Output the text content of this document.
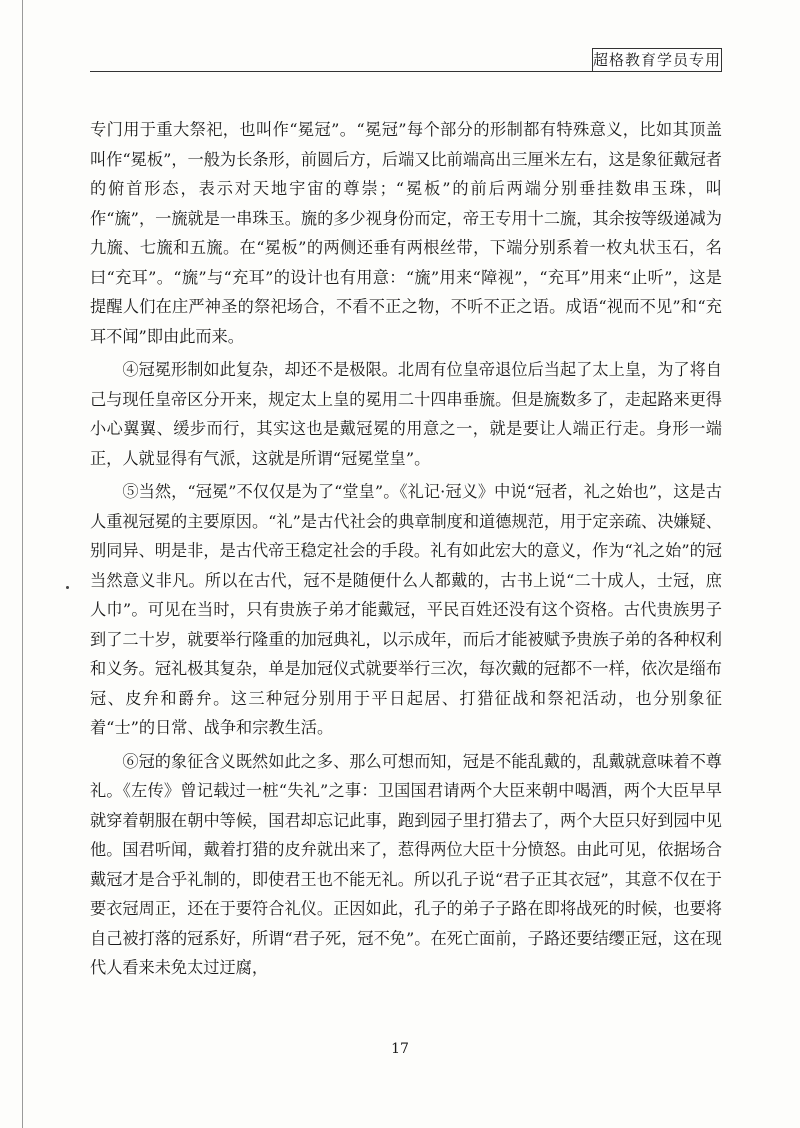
超格教育学员专用

专门用于重大祭祀，也叫作“冕冠”。“冕冠”每个部分的形制都有特殊意义，比如其顶盖叫作“冕板”，一般为长条形，前圆后方，后端又比前端高出三厘米左右，这是象征戴冠者的俯首形态，表示对天地宇宙的尊崇；“冕板”的前后两端分别垂挂数串玉珠，叫作“旒”，一旒就是一串珠玉。旒的多少视身份而定，帝王专用十二旒，其余按等级递减为九旒、七旒和五旒。在“冕板”的两侧还垂有两根丝带，下端分别系着一枚丸状玉石，名曰“充耳”。“旒”与“充耳”的设计也有用意：“旒”用来“障视”，“充耳”用来“止听”，这是提醒人们在庄严神圣的祭祀场合，不看不正之物，不听不正之语。成语“视而不见”和“充耳不闻”即由此而来。

④冠冕形制如此复杂，却还不是极限。北周有位皇帝退位后当起了太上皇，为了将自己与现任皇帝区分开来，规定太上皇的冕用二十四串垂旒。但是旒数多了，走起路来更得小心翼翼、缓步而行，其实这也是戴冠冕的用意之一，就是要让人端正行走。身形一端正，人就显得有气派，这就是所谓“冠冕堂皇”。

⑤当然，“冠冕”不仅仅是为了“堂皇”。《礼记·冠义》中说“冠者，礼之始也”，这是古人重视冠冕的主要原因。“礼”是古代社会的典章制度和道德规范，用于定亲疏、决嫌疑、别同异、明是非，是古代帝王稳定社会的手段。礼有如此宏大的意义，作为“礼之始”的冠当然意义非凡。所以在古代，冠不是随便什么人都戴的，古书上说“二十成人，士冠，庶人巾”。可见在当时，只有贵族子弟才能戴冠，平民百姓还没有这个资格。古代贵族男子到了二十岁，就要举行隆重的加冠典礼，以示成年，而后才能被赋予贵族子弟的各种权利和义务。冠礼极其复杂，单是加冠仪式就要举行三次，每次戴的冠都不一样，依次是缁布冠、皮弁和爵弁。这三种冠分别用于平日起居、打猎征战和祭祀活动，也分别象征着“士”的日常、战争和宗教生活。

⑥冠的象征含义既然如此之多、那么可想而知，冠是不能乱戴的，乱戴就意味着不尊礼。《左传》曾记载过一桩“失礼”之事：卫国国君请两个大臣来朝中喝酒，两个大臣早早就穿着朝服在朝中等候，国君却忘记此事，跑到园子里打猎去了，两个大臣只好到园中见他。国君听闻，戴着打猎的皮弁就出来了，惹得两位大臣十分愤怒。由此可见，依据场合戴冠才是合乎礼制的，即使君王也不能无礼。所以孔子说“君子正其衣冠”，其意不仅在于要衣冠周正，还在于要符合礼仪。正因如此，孔子的弟子子路在即将战死的时候，也要将自己被打落的冠系好，所谓“君子死，冠不免”。在死亡面前，子路还要结缨正冠，这在现代人看来未免太过迂腐，

17
